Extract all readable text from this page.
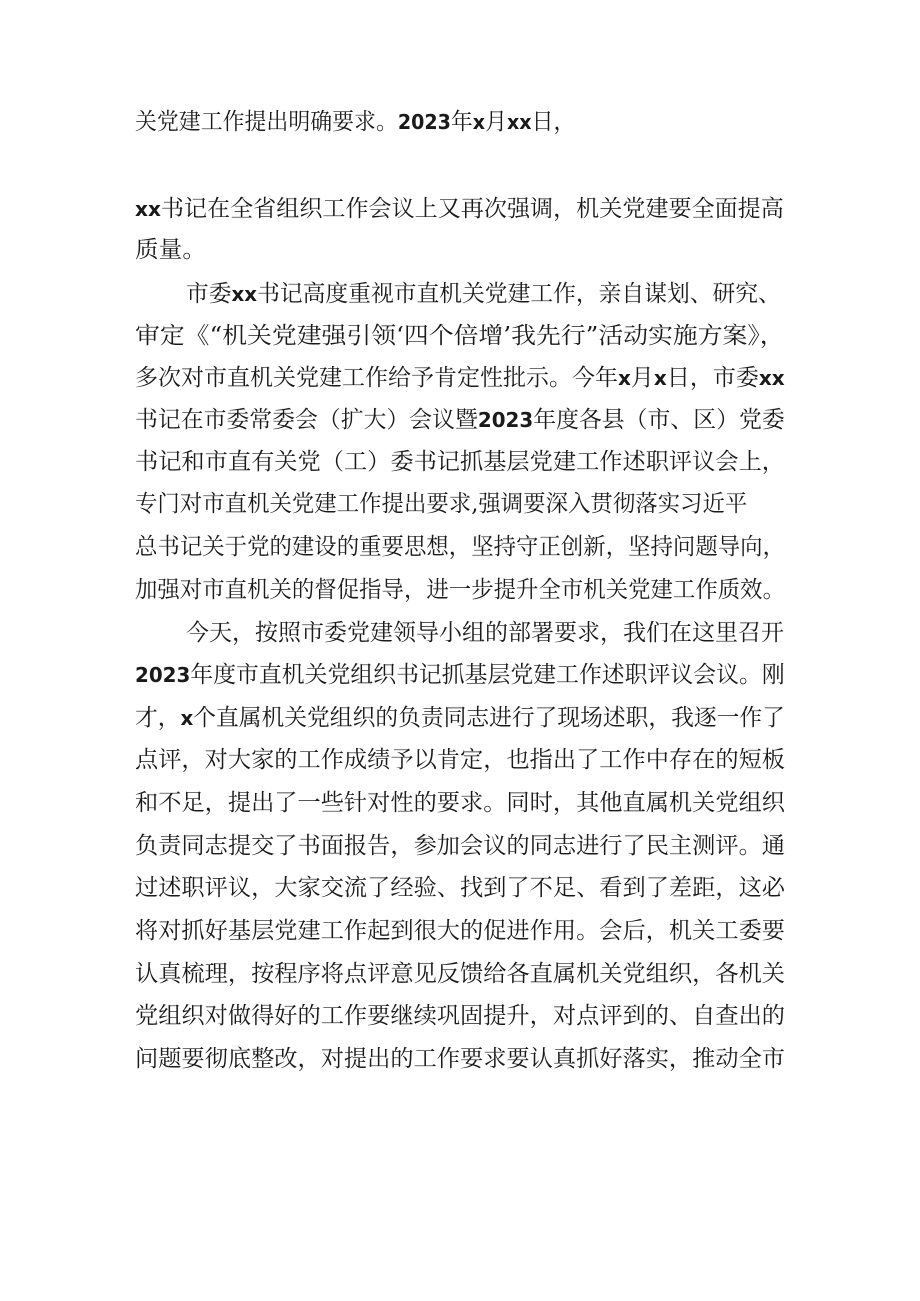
关党建工作提出明确要求。2023年x月xx日，
xx书记在全省组织工作会议上又再次强调，机关党建要全面提高
质量。
市委xx书记高度重视市直机关党建工作，亲自谋划、研究、
审定《“机关党建强引领‘四个倍增’我先行”活动实施方案》，
多次对市直机关党建工作给予肯定性批示。今年x月x日，市委xx
书记在市委常委会（扩大）会议暨2023年度各县（市、区）党委
书记和市直有关党（工）委书记抓基层党建工作述职评议会上，
专门对市直机关党建工作提出要求,强调要深入贯彻落实习近平
总书记关于党的建设的重要思想，坚持守正创新，坚持问题导向，
加强对市直机关的督促指导，进一步提升全市机关党建工作质效。
今天，按照市委党建领导小组的部署要求，我们在这里召开
2023年度市直机关党组织书记抓基层党建工作述职评议会议。刚
才，x个直属机关党组织的负责同志进行了现场述职，我逐一作了
点评，对大家的工作成绩予以肯定，也指出了工作中存在的短板
和不足，提出了一些针对性的要求。同时，其他直属机关党组织
负责同志提交了书面报告，参加会议的同志进行了民主测评。通
过述职评议，大家交流了经验、找到了不足、看到了差距，这必
将对抓好基层党建工作起到很大的促进作用。会后，机关工委要
认真梳理，按程序将点评意见反馈给各直属机关党组织，各机关
党组织对做得好的工作要继续巩固提升，对点评到的、自查出的
问题要彻底整改，对提出的工作要求要认真抓好落实，推动全市
